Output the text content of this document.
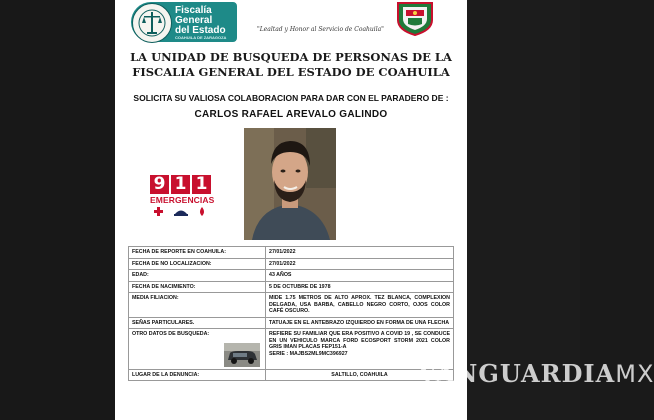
Fiscalía
General
del Estado
COAHUILA DE ZARAGOZA
"Lealtad y Honor al Servicio de Coahuila"
LA UNIDAD DE BUSQUEDA DE PERSONAS DE LA
FISCALIA GENERAL DEL ESTADO DE COAHUILA
SOLICITA SU VALIOSA COLABORACION PARA DAR CON EL PARADERO DE :
CARLOS RAFAEL AREVALO GALINDO
9 1 1
EMERGENCIAS
FECHA DE REPORTE EN COAHUILA:	27/01/2022
FECHA DE NO LOCALIZACION:	27/01/2022
EDAD:	43 AÑOS
FECHA DE NACIMIENTO:	5 DE OCTUBRE DE 1978
MEDIA FILIACION:	MIDE 1.75 METROS DE ALTO APROX. TEZ BLANCA, COMPLEXION DELGADA, USA BARBA, CABELLO NEGRO CORTO, OJOS COLOR CAFÉ OSCURO.
SEÑAS PARTICULARES.	TATUAJE EN EL ANTEBRAZO IZQUIERDO EN FORMA DE UNA FLECHA

OTRO DATOS DE BUSQUEDA:	REFIERE SU FAMILIAR QUE ERA POSITIVO A COVID 19 , SE CONDUCE EN UN VEHICULO MARCA FORD ECOSPORT STORM 2021 COLOR GRIS IMAN PLACAS FEP151-A
SERIE : MAJBS2ML9MC396927

LUGAR DE LA DENUNCIA:	SALTILLO, COAHUILA VANGUARDIAMX
